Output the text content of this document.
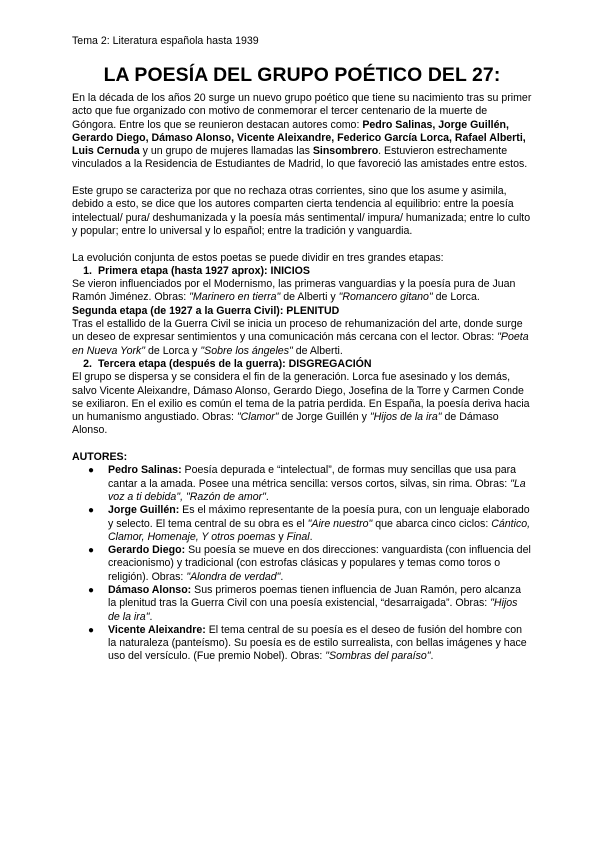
Tema 2: Literatura española hasta 1939
LA POESÍA DEL GRUPO POÉTICO DEL 27:

En la década de los años 20 surge un nuevo grupo poético que tiene su nacimiento tras su primer acto que fue organizado con motivo de conmemorar el tercer centenario de la muerte de Góngora. Entre los que se reunieron destacan autores como: Pedro Salinas, Jorge Guillén, Gerardo Diego, Dámaso Alonso, Vicente Aleixandre, Federico García Lorca, Rafael Alberti, Luis Cernuda y un grupo de mujeres llamadas las Sinsombrero. Estuvieron estrechamente vinculados a la Residencia de Estudiantes de Madrid, lo que favoreció las amistades entre estos.

Este grupo se caracteriza por que no rechaza otras corrientes, sino que los asume y asimila, debido a esto, se dice que los autores comparten cierta tendencia al equilibrio: entre la poesía intelectual/ pura/ deshumanizada y la poesía más sentimental/ impura/ humanizada; entre lo culto y popular; entre lo universal y lo español; entre la tradición y vanguardia.

La evolución conjunta de estos poetas se puede dividir en tres grandes etapas:

1. Primera etapa (hasta 1927 aprox): INICIOS

Se vieron influenciados por el Modernismo, las primeras vanguardias y la poesía pura de Juan Ramón Jiménez. Obras: "Marinero en tierra" de Alberti y "Romancero gitano" de Lorca.

Segunda etapa (de 1927 a la Guerra Civil): PLENITUD

Tras el estallido de la Guerra Civil se inicia un proceso de rehumanización del arte, donde surge un deseo de expresar sentimientos y una comunicación más cercana con el lector. Obras: "Poeta en Nueva York" de Lorca y "Sobre los ángeles" de Alberti.

2. Tercera etapa (después de la guerra): DISGREGACIÓN

El grupo se dispersa y se considera el fin de la generación. Lorca fue asesinado y los demás, salvo Vicente Aleixandre, Dámaso Alonso, Gerardo Diego, Josefina de la Torre y Carmen Conde se exiliaron. En el exilio es común el tema de la patria perdida. En España, la poesía deriva hacia un humanismo angustiado. Obras: "Clamor" de Jorge Guillén y "Hijos de la ira" de Dámaso Alonso.

AUTORES:
● Pedro Salinas: Poesía depurada e “intelectual”, de formas muy sencillas que usa para cantar a la amada. Posee una métrica sencilla: versos cortos, silvas, sin rima. Obras: "La voz a ti debida", "Razón de amor".
● Jorge Guillén: Es el máximo representante de la poesía pura, con un lenguaje elaborado y selecto. El tema central de su obra es el "Aire nuestro" que abarca cinco ciclos: Cántico, Clamor, Homenaje, Y otros poemas y Final.
● Gerardo Diego: Su poesía se mueve en dos direcciones: vanguardista (con influencia del creacionismo) y tradicional (con estrofas clásicas y populares y temas como toros o religión). Obras: "Alondra de verdad".
● Dámaso Alonso: Sus primeros poemas tienen influencia de Juan Ramón, pero alcanza la plenitud tras la Guerra Civil con una poesía existencial, “desarraigada”. Obras: "Hijos de la ira".
● Vicente Aleixandre: El tema central de su poesía es el deseo de fusión del hombre con la naturaleza (panteísmo). Su poesía es de estilo surrealista, con bellas imágenes y hace uso del versículo. (Fue premio Nobel). Obras: "Sombras del paraíso".
